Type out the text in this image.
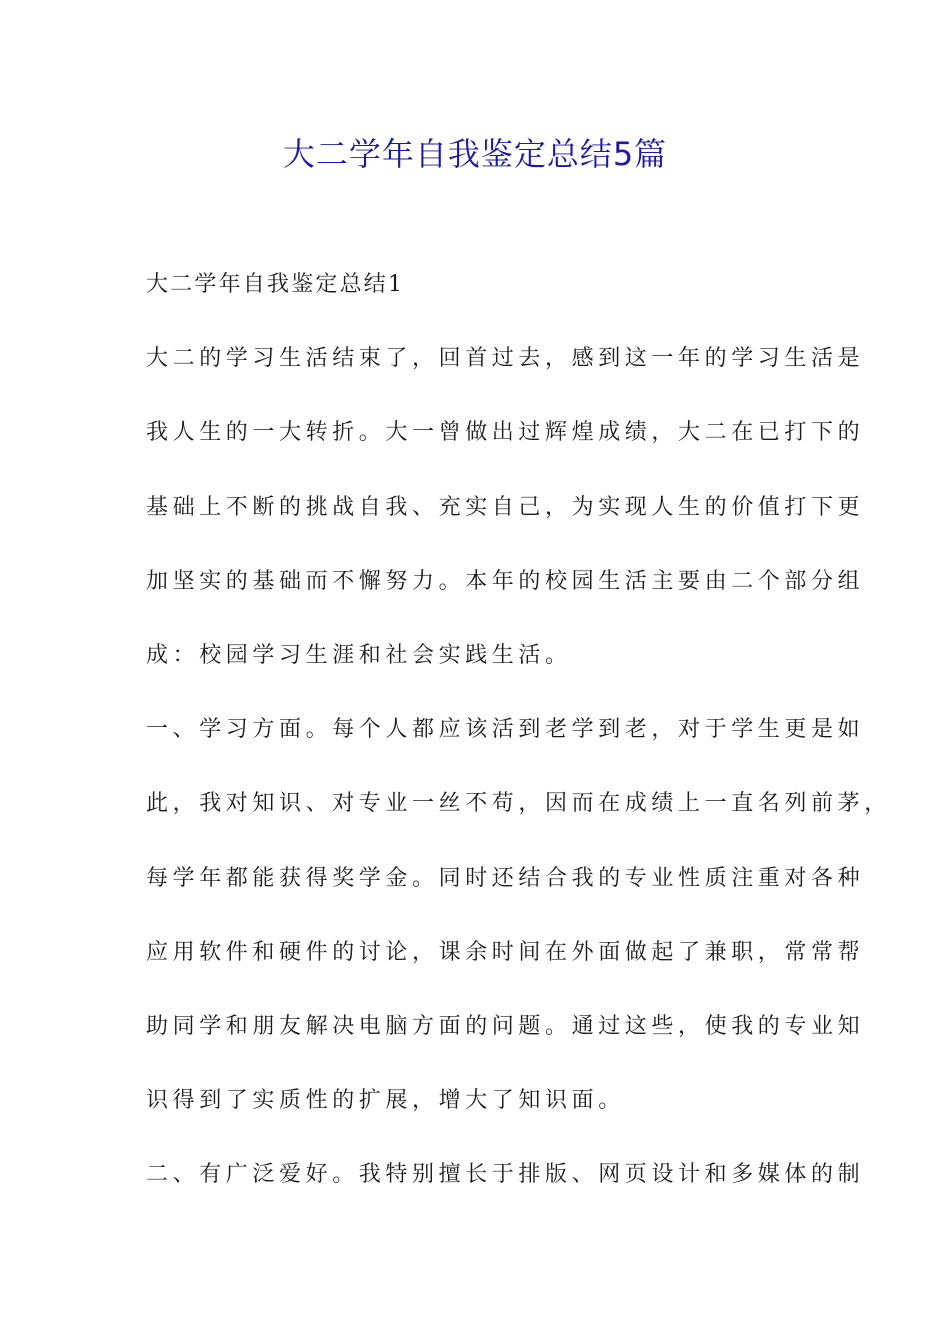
大二学年自我鉴定总结5篇
大二学年自我鉴定总结1
大二的学习生活结束了，回首过去，感到这一年的学习生活是
我人生的一大转折。大一曾做出过辉煌成绩，大二在已打下的
基础上不断的挑战自我、充实自己，为实现人生的价值打下更
加坚实的基础而不懈努力。本年的校园生活主要由二个部分组
成：校园学习生涯和社会实践生活。
一、学习方面。每个人都应该活到老学到老，对于学生更是如
此，我对知识、对专业一丝不苟，因而在成绩上一直名列前茅，
每学年都能获得奖学金。同时还结合我的专业性质注重对各种
应用软件和硬件的讨论，课余时间在外面做起了兼职，常常帮
助同学和朋友解决电脑方面的问题。通过这些，使我的专业知
识得到了实质性的扩展，增大了知识面。
二、有广泛爱好。我特别擅长于排版、网页设计和多媒体的制
